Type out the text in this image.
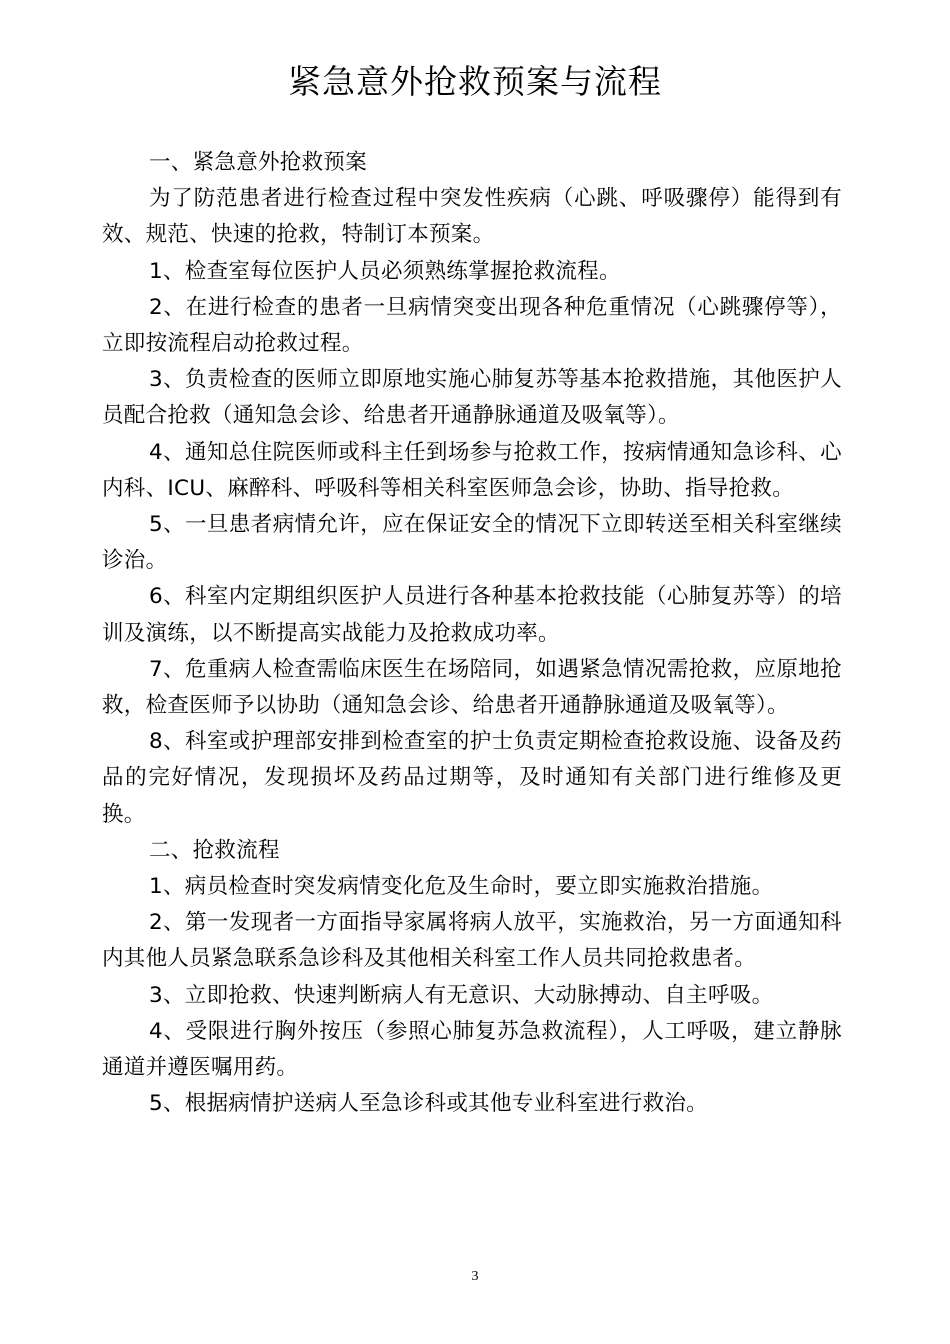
紧急意外抢救预案与流程

一、紧急意外抢救预案

为了防范患者进行检查过程中突发性疾病（心跳、呼吸骤停）能得到有效、规范、快速的抢救，特制订本预案。

1、检查室每位医护人员必须熟练掌握抢救流程。

2、在进行检查的患者一旦病情突变出现各种危重情况（心跳骤停等），立即按流程启动抢救过程。

3、负责检查的医师立即原地实施心肺复苏等基本抢救措施，其他医护人员配合抢救（通知急会诊、给患者开通静脉通道及吸氧等）。

4、通知总住院医师或科主任到场参与抢救工作，按病情通知急诊科、心内科、ICU、麻醉科、呼吸科等相关科室医师急会诊，协助、指导抢救。

5、一旦患者病情允许，应在保证安全的情况下立即转送至相关科室继续诊治。

6、科室内定期组织医护人员进行各种基本抢救技能（心肺复苏等）的培训及演练，以不断提高实战能力及抢救成功率。

7、危重病人检查需临床医生在场陪同，如遇紧急情况需抢救，应原地抢救，检查医师予以协助（通知急会诊、给患者开通静脉通道及吸氧等）。

8、科室或护理部安排到检查室的护士负责定期检查抢救设施、设备及药品的完好情况，发现损坏及药品过期等，及时通知有关部门进行维修及更换。

二、抢救流程

1、病员检查时突发病情变化危及生命时，要立即实施救治措施。

2、第一发现者一方面指导家属将病人放平，实施救治，另一方面通知科内其他人员紧急联系急诊科及其他相关科室工作人员共同抢救患者。

3、立即抢救、快速判断病人有无意识、大动脉搏动、自主呼吸。

4、受限进行胸外按压（参照心肺复苏急救流程），人工呼吸，建立静脉通道并遵医嘱用药。

5、根据病情护送病人至急诊科或其他专业科室进行救治。

3
